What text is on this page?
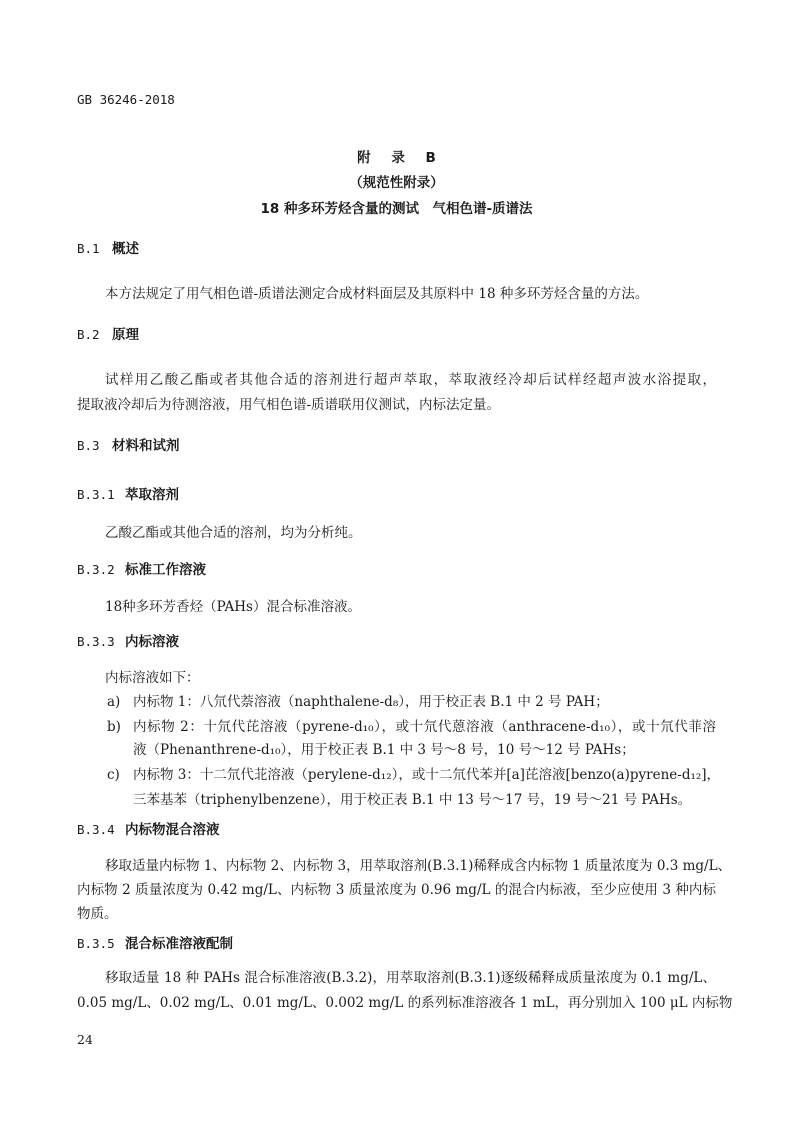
GB 36246-2018
附 录 B
（规范性附录）
18 种多环芳烃含量的测试　气相色谱-质谱法
B.1 概述
本方法规定了用气相色谱-质谱法测定合成材料面层及其原料中 18 种多环芳烃含量的方法。
B.2 原理
试样用乙酸乙酯或者其他合适的溶剂进行超声萃取，萃取液经冷却后试样经超声波水浴提取，
提取液冷却后为待测溶液，用气相色谱-质谱联用仪测试，内标法定量。
B.3 材料和试剂
B.3.1 萃取溶剂
乙酸乙酯或其他合适的溶剂，均为分析纯。
B.3.2 标准工作溶液
18种多环芳香烃（PAHs）混合标准溶液。
B.3.3 内标溶液
内标溶液如下：
a) 内标物 1：八氘代萘溶液（naphthalene-d₈），用于校正表 B.1 中 2 号 PAH；
b) 内标物 2：十氘代芘溶液（pyrene-d₁₀），或十氘代蒽溶液（anthracene-d₁₀），或十氘代菲溶
液（Phenanthrene-d₁₀），用于校正表 B.1 中 3 号～8 号，10 号～12 号 PAHs；
c) 内标物 3：十二氘代苝溶液（perylene-d₁₂），或十二氘代苯并[a]芘溶液[benzo(a)pyrene-d₁₂]，
三苯基苯（triphenylbenzene），用于校正表 B.1 中 13 号～17 号，19 号～21 号 PAHs。
B.3.4 内标物混合溶液
移取适量内标物 1、内标物 2、内标物 3，用萃取溶剂(B.3.1)稀释成含内标物 1 质量浓度为 0.3 mg/L、
内标物 2 质量浓度为 0.42 mg/L、内标物 3 质量浓度为 0.96 mg/L 的混合内标液，至少应使用 3 种内标
物质。
B.3.5 混合标准溶液配制
移取适量 18 种 PAHs 混合标准溶液(B.3.2)，用萃取溶剂(B.3.1)逐级稀释成质量浓度为 0.1 mg/L、
0.05 mg/L、0.02 mg/L、0.01 mg/L、0.002 mg/L 的系列标准溶液各 1 mL，再分别加入 100 μL 内标物
24
